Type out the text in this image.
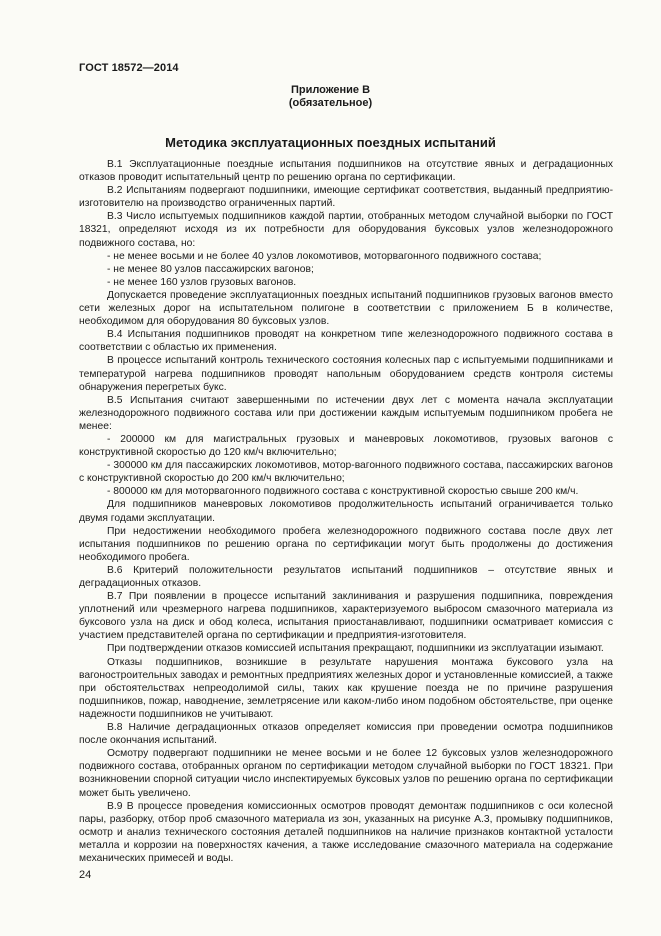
ГОСТ 18572—2014
Приложение В
(обязательное)
Методика эксплуатационных поездных испытаний

В.1 Эксплуатационные поездные испытания подшипников на отсутствие явных и деградационных отказов проводит испытательный центр по решению органа по сертификации.

В.2 Испытаниям подвергают подшипники, имеющие сертификат соответствия, выданный предприятию-изготовителю на производство ограниченных партий.

В.3 Число испытуемых подшипников каждой партии, отобранных методом случайной выборки по ГОСТ 18321, определяют исходя из их потребности для оборудования буксовых узлов железнодорожного подвижного состава, но:

- не менее восьми и не более 40 узлов локомотивов, моторвагонного подвижного состава;

- не менее 80 узлов пассажирских вагонов;

- не менее 160 узлов грузовых вагонов.

Допускается проведение эксплуатационных поездных испытаний подшипников грузовых вагонов вместо сети железных дорог на испытательном полигоне в соответствии с приложением Б в количестве, необходимом для оборудования 80 буксовых узлов.

В.4 Испытания подшипников проводят на конкретном типе железнодорожного подвижного состава в соответствии с областью их применения.

В процессе испытаний контроль технического состояния колесных пар с испытуемыми подшипниками и температурой нагрева подшипников проводят напольным оборудованием средств контроля системы обнаружения перегретых букс.

В.5 Испытания считают завершенными по истечении двух лет с момента начала эксплуатации железнодорожного подвижного состава или при достижении каждым испытуемым подшипником пробега не менее:

- 200000 км для магистральных грузовых и маневровых локомотивов, грузовых вагонов с конструктивной скоростью до 120 км/ч включительно;

- 300000 км для пассажирских локомотивов, мотор-вагонного подвижного состава, пассажирских вагонов с конструктивной скоростью до 200 км/ч включительно;

- 800000 км для моторвагонного подвижного состава с конструктивной скоростью свыше 200 км/ч.

Для подшипников маневровых локомотивов продолжительность испытаний ограничивается только двумя годами эксплуатации.

При недостижении необходимого пробега железнодорожного подвижного состава после двух лет испытания подшипников по решению органа по сертификации могут быть продолжены до достижения необходимого пробега.

В.6 Критерий положительности результатов испытаний подшипников – отсутствие явных и деградационных отказов.

В.7 При появлении в процессе испытаний заклинивания и разрушения подшипника, повреждения уплотнений или чрезмерного нагрева подшипников, характеризуемого выбросом смазочного материала из буксового узла на диск и обод колеса, испытания приостанавливают, подшипники осматривает комиссия с участием представителей органа по сертификации и предприятия-изготовителя.

При подтверждении отказов комиссией испытания прекращают, подшипники из эксплуатации изымают.

Отказы подшипников, возникшие в результате нарушения монтажа буксового узла на вагоностроительных заводах и ремонтных предприятиях железных дорог и установленные комиссией, а также при обстоятельствах непреодолимой силы, таких как крушение поезда не по причине разрушения подшипников, пожар, наводнение, землетрясение или каком-либо ином подобном обстоятельстве, при оценке надежности подшипников не учитывают.

В.8 Наличие деградационных отказов определяет комиссия при проведении осмотра подшипников после окончания испытаний.

Осмотру подвергают подшипники не менее восьми и не более 12 буксовых узлов железнодорожного подвижного состава, отобранных органом по сертификации методом случайной выборки по ГОСТ 18321. При возникновении спорной ситуации число инспектируемых буксовых узлов по решению органа по сертификации может быть увеличено.

В.9 В процессе проведения комиссионных осмотров проводят демонтаж подшипников с оси колесной пары, разборку, отбор проб смазочного материала из зон, указанных на рисунке А.3, промывку подшипников, осмотр и анализ технического состояния деталей подшипников на наличие признаков контактной усталости металла и коррозии на поверхностях качения, а также исследование смазочного материала на содержание механических примесей и воды.

24
